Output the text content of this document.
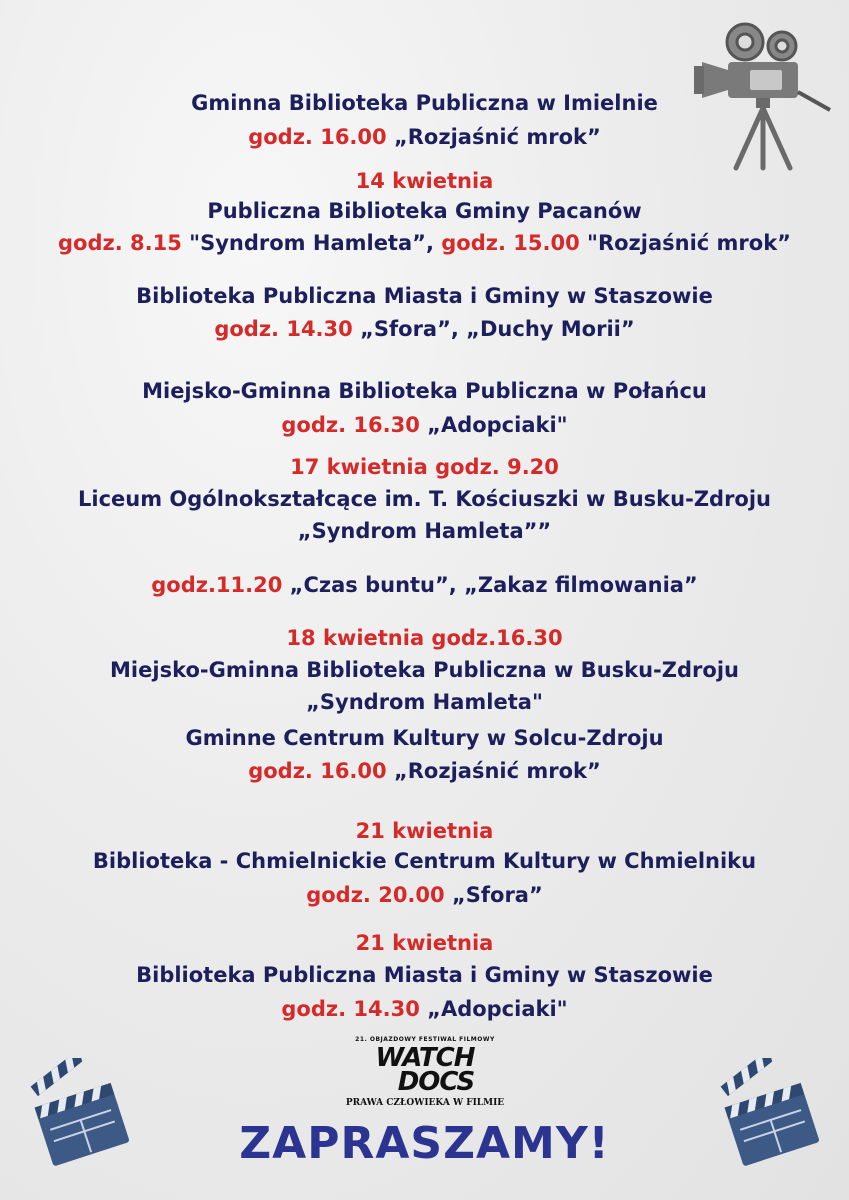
Gminna Biblioteka Publiczna w Imielnie
godz. 16.00 „Rozjaśnić mrok”
14 kwietnia
Publiczna Biblioteka Gminy Pacanów
godz. 8.15 "Syndrom Hamleta”, godz. 15.00 "Rozjaśnić mrok”
Biblioteka Publiczna Miasta i Gminy w Staszowie
godz. 14.30 „Sfora”, „Duchy Morii”
Miejsko-Gminna Biblioteka Publiczna w Połańcu
godz. 16.30 „Adopciaki"
17 kwietnia godz. 9.20
Liceum Ogólnokształcące im. T. Kościuszki w Busku-Zdroju
„Syndrom Hamleta””
godz.11.20 „Czas buntu”, „Zakaz filmowania”
18 kwietnia godz.16.30
Miejsko-Gminna Biblioteka Publiczna w Busku-Zdroju
„Syndrom Hamleta"
Gminne Centrum Kultury w Solcu-Zdroju
godz. 16.00 „Rozjaśnić mrok”
21 kwietnia
Biblioteka - Chmielnickie Centrum Kultury w Chmielniku
godz. 20.00 „Sfora”
21 kwietnia
Biblioteka Publiczna Miasta i Gminy w Staszowie
godz. 14.30 „Adopciaki"
21. OBJAZDOWY FESTIWAL FILMOWY
WATCH
DOCS
PRAWA CZŁOWIEKA W FILMIE
ZAPRASZAMY!
